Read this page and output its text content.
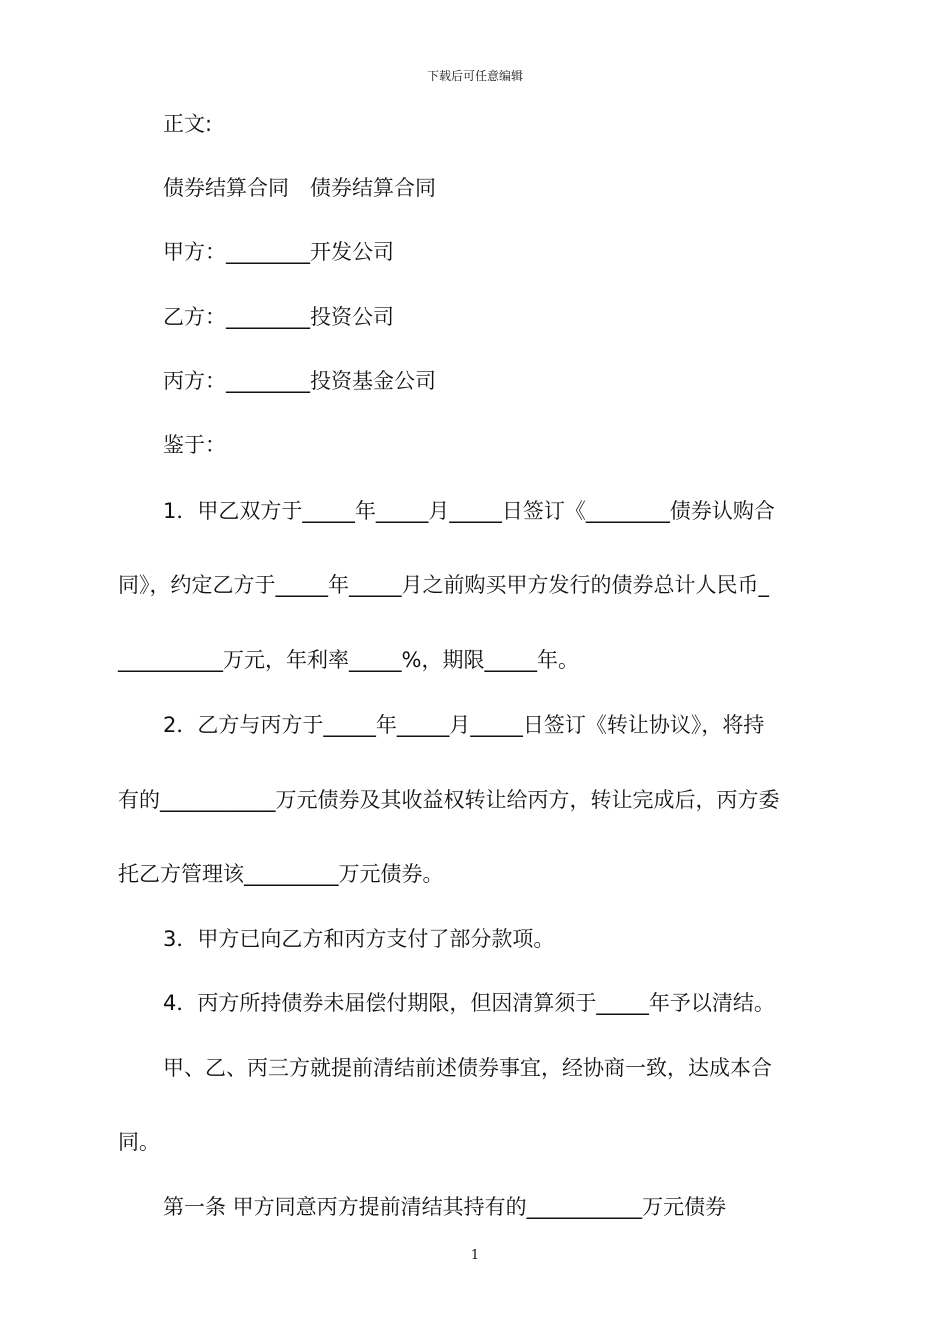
下载后可任意编辑
正文:
债券结算合同　债券结算合同
甲方：________开发公司
乙方：________投资公司
丙方：________投资基金公司
鉴于：
1．甲乙双方于_____年_____月_____日签订《________债券认购合
同》，约定乙方于_____年_____月之前购买甲方发行的债券总计人民币_
__________万元，年利率_____%，期限_____年。
2．乙方与丙方于_____年_____月_____日签订《转让协议》，将持
有的___________万元债券及其收益权转让给丙方，转让完成后，丙方委
托乙方管理该_________万元债券。
3．甲方已向乙方和丙方支付了部分款项。
4．丙方所持债券未届偿付期限，但因清算须于_____年予以清结。
甲、乙、丙三方就提前清结前述债券事宜，经协商一致，达成本合
同。
第一条 甲方同意丙方提前清结其持有的___________万元债券
1
